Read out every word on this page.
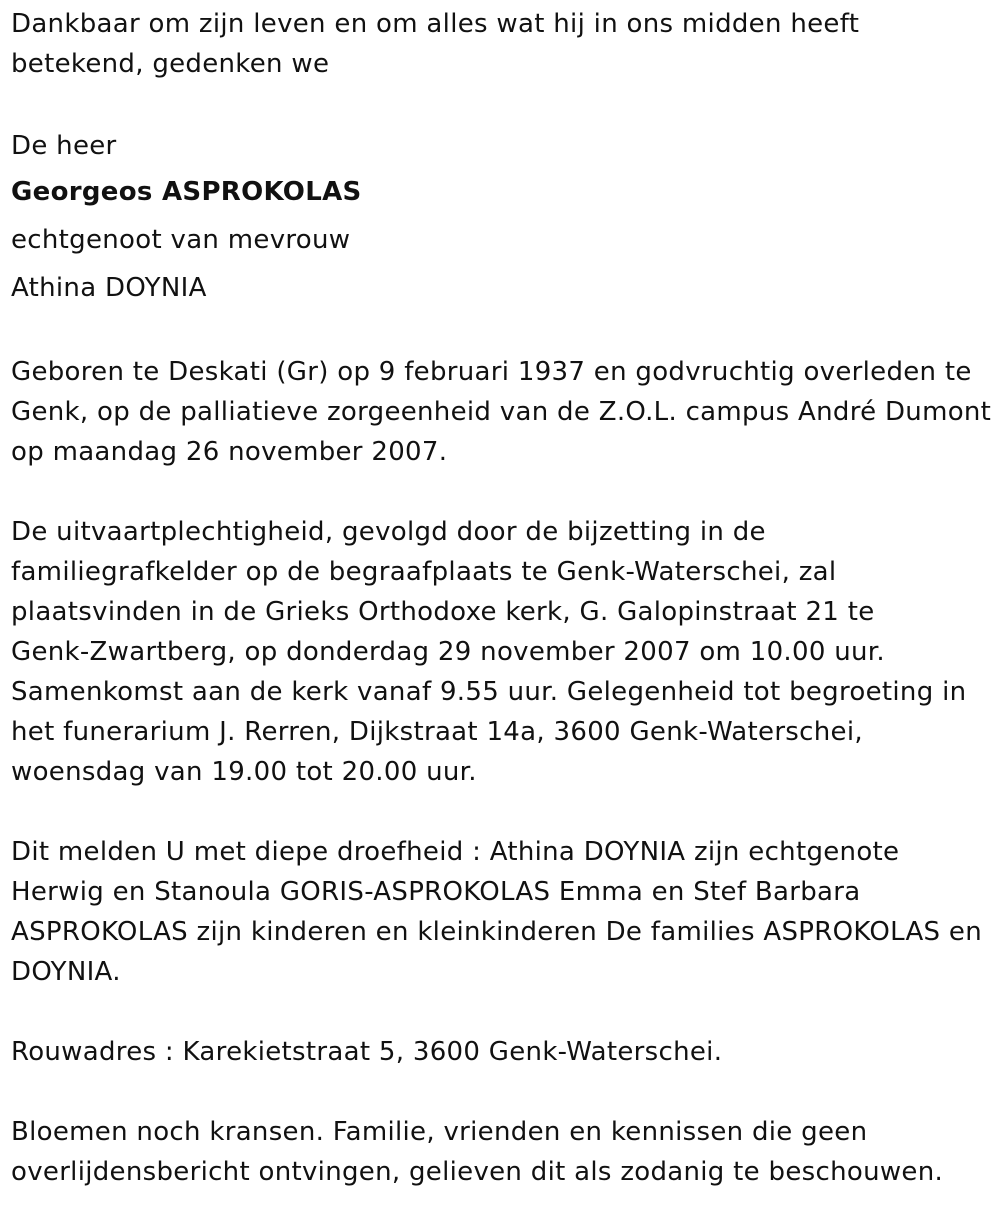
Dankbaar om zijn leven en om alles wat hij in ons midden heeft

betekend, gedenken we

De heer

Georgeos ASPROKOLAS

echtgenoot van mevrouw

Athina DOYNIA

Geboren te Deskati (Gr) op 9 februari 1937 en godvruchtig overleden te

Genk, op de palliatieve zorgeenheid van de Z.O.L. campus André Dumont

op maandag 26 november 2007.

De uitvaartplechtigheid, gevolgd door de bijzetting in de

familiegrafkelder op de begraafplaats te Genk-Waterschei, zal

plaatsvinden in de Grieks Orthodoxe kerk, G. Galopinstraat 21 te

Genk-Zwartberg, op donderdag 29 november 2007 om 10.00 uur.

Samenkomst aan de kerk vanaf 9.55 uur. Gelegenheid tot begroeting in

het funerarium J. Rerren, Dijkstraat 14a, 3600 Genk-Waterschei,

woensdag van 19.00 tot 20.00 uur.

Dit melden U met diepe droefheid : Athina DOYNIA zijn echtgenote

Herwig en Stanoula GORIS-ASPROKOLAS Emma en Stef Barbara

ASPROKOLAS zijn kinderen en kleinkinderen De families ASPROKOLAS en

DOYNIA.

Rouwadres : Karekietstraat 5, 3600 Genk-Waterschei.

Bloemen noch kransen. Familie, vrienden en kennissen die geen

overlijdensbericht ontvingen, gelieven dit als zodanig te beschouwen.
